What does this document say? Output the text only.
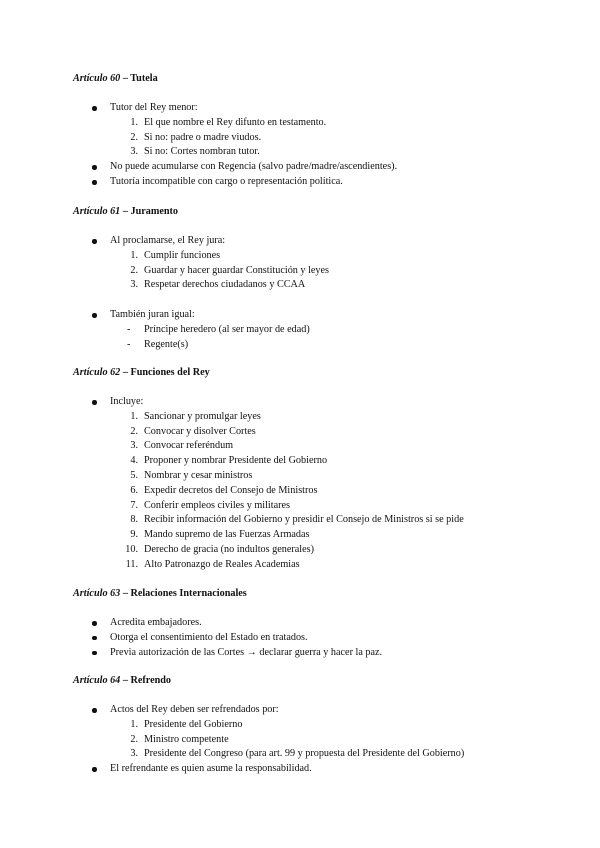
Artículo 60 – Tutela
Tutor del Rey menor:
1. El que nombre el Rey difunto en testamento.
2. Si no: padre o madre viudos.
3. Si no: Cortes nombran tutor.
No puede acumularse con Regencia (salvo padre/madre/ascendientes).
Tutoría incompatible con cargo o representación política.
Artículo 61 – Juramento
Al proclamarse, el Rey jura:
1. Cumplir funciones
2. Guardar y hacer guardar Constitución y leyes
3. Respetar derechos ciudadanos y CCAA
También juran igual:
- Príncipe heredero (al ser mayor de edad)
- Regente(s)
Artículo 62 – Funciones del Rey
Incluye:
1. Sancionar y promulgar leyes
2. Convocar y disolver Cortes
3. Convocar referéndum
4. Proponer y nombrar Presidente del Gobierno
5. Nombrar y cesar ministros
6. Expedir decretos del Consejo de Ministros
7. Conferir empleos civiles y militares
8. Recibir información del Gobierno y presidir el Consejo de Ministros si se pide
9. Mando supremo de las Fuerzas Armadas
10. Derecho de gracia (no indultos generales)
11. Alto Patronazgo de Reales Academias
Artículo 63 – Relaciones Internacionales
Acredita embajadores.
Otorga el consentimiento del Estado en tratados.
Previa autorización de las Cortes → declarar guerra y hacer la paz.
Artículo 64 – Refrendo
Actos del Rey deben ser refrendados por:
1. Presidente del Gobierno
2. Ministro competente
3. Presidente del Congreso (para art. 99 y propuesta del Presidente del Gobierno)
El refrendante es quien asume la responsabilidad.
